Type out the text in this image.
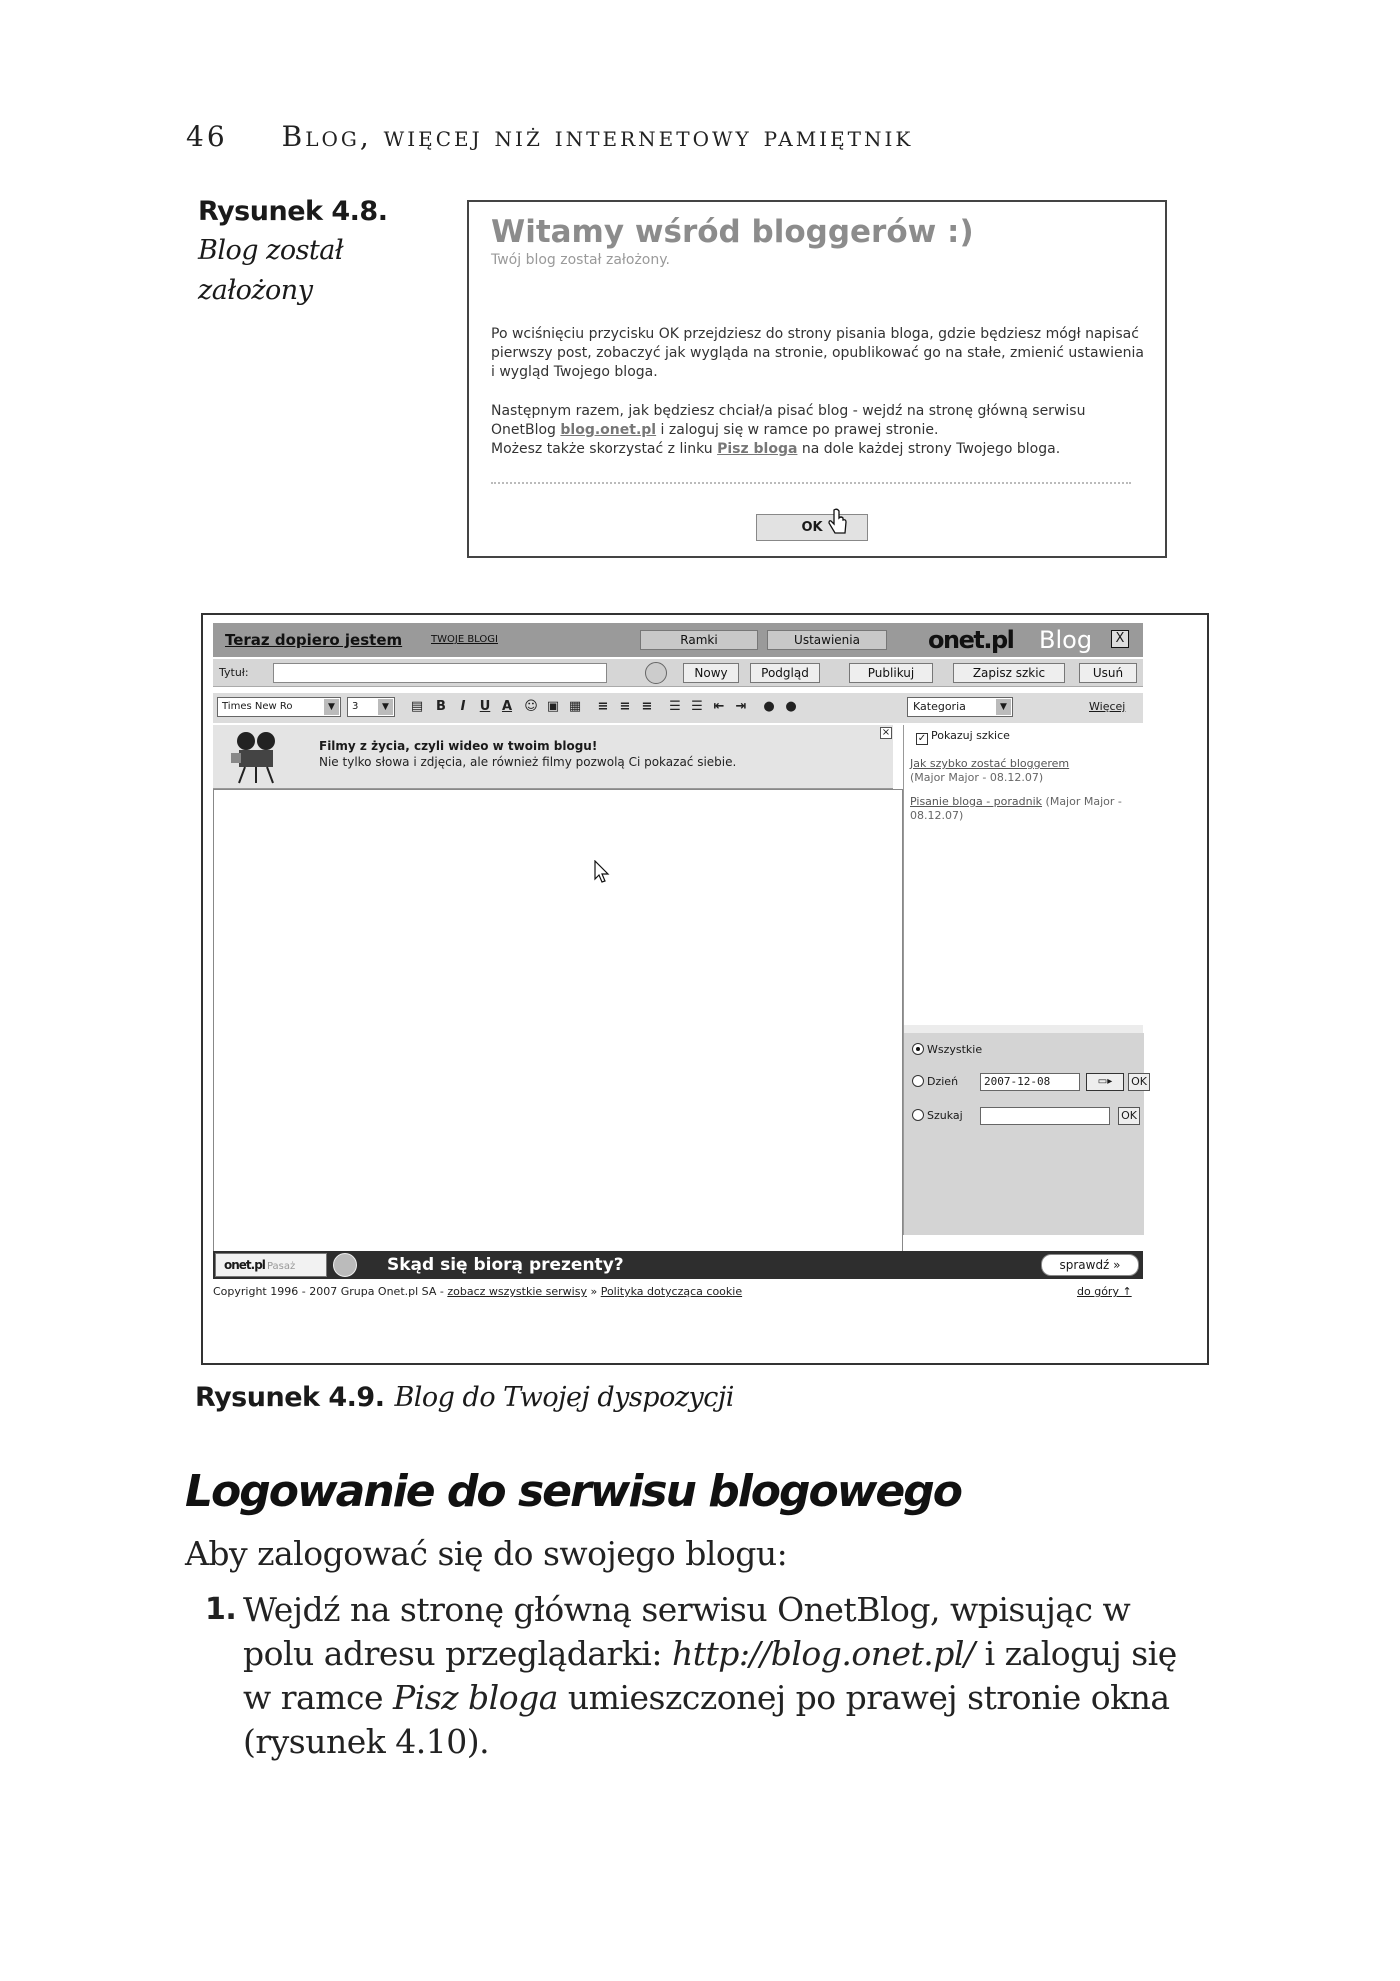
46 Blog, więcej niż internetowy pamiętnik
Rysunek 4.8.
Blog został
założony
Witamy wśród bloggerów :)
Twój blog został założony.
Po wciśnięciu przycisku OK przejdziesz do strony pisania bloga, gdzie będziesz mógł napisać pierwszy post, zobaczyć jak wygląda na stronie, opublikować go na stałe, zmienić ustawienia i wygląd Twojego bloga.
Następnym razem, jak będziesz chciał/a pisać blog - wejdź na stronę główną serwisu OnetBlog blog.onet.pl i zaloguj się w ramce po prawej stronie.
Możesz także skorzystać z linku Pisz bloga na dole każdej strony Twojego bloga.
OK
Teraz dopiero jestem	TWOJE BLOGI	Ramki	Ustawienia	onet.pl Blog	X
Tytuł:	Nowy	Podgląd	Publikuj	Zapisz szkic	Usuń
Times New Ro	▼	3	▼	▤ B	I	U A ☺ ▣ ▦	≡ ≡ ≡	☰ ☰ ⇤ ⇥	● ●	Kategoria	▼	Więcej
Filmy z życia, czyli wideo w twoim blogu!
Nie tylko słowa i zdjęcia, ale również filmy pozwolą Ci pokazać siebie.
×
✓ Pokazuj szkice
Jak szybko zostać bloggerem
(Major Major - 08.12.07)
Pisanie bloga - poradnik (Major Major - 08.12.07)
Wszystkie
Dzień	2007-12-08	▭▸	OK
Szukaj	OK
onet.pl Pasaż	Skąd się biorą prezenty?	sprawdź »
Copyright 1996 - 2007 Grupa Onet.pl SA - zobacz wszystkie serwisy » Polityka dotycząca cookie	do góry ↑
Rysunek 4.9. Blog do Twojej dyspozycji
Logowanie do serwisu blogowego
Aby zalogować się do swojego blogu:
1. Wejdź na stronę główną serwisu OnetBlog, wpisując w polu adresu przeglądarki: http://blog.onet.pl/ i zaloguj się w ramce Pisz bloga umieszczonej po prawej stronie okna (rysunek 4.10).
